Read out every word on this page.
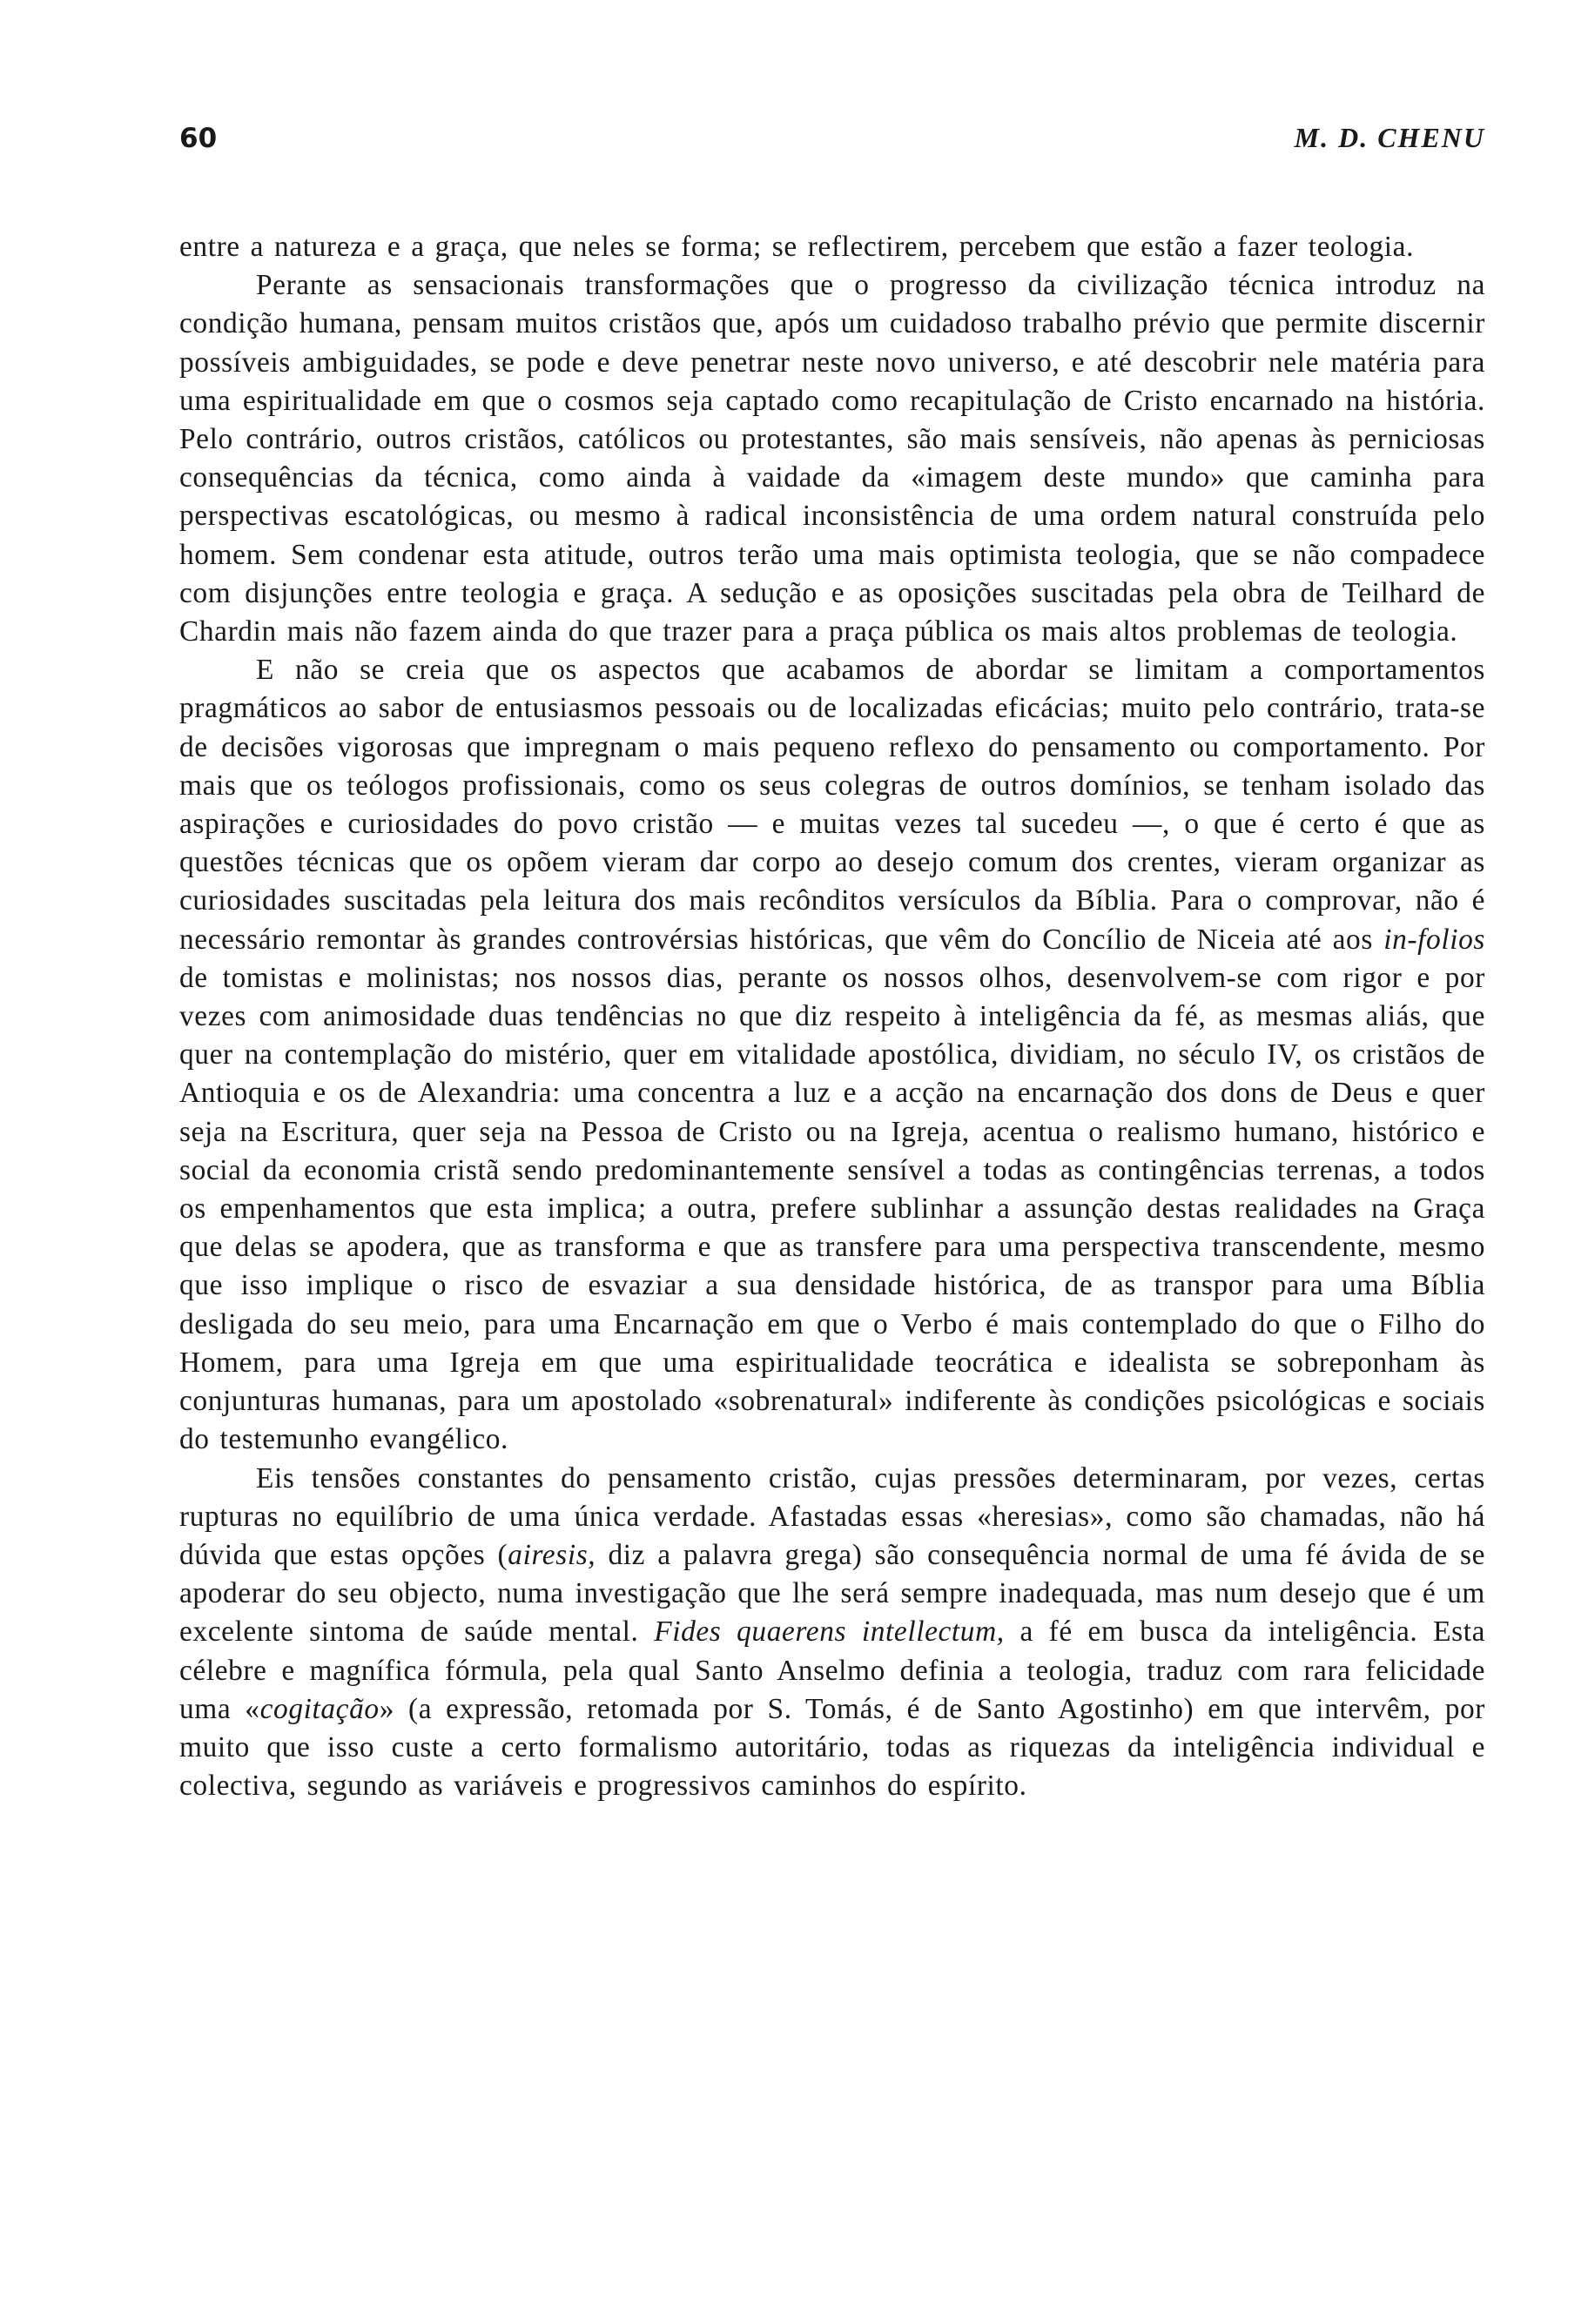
60	M. D. CHENU

entre a natureza e a graça, que neles se forma; se reflectirem, percebem que estão a fazer teologia.

Perante as sensacionais transformações que o progresso da civilização técnica introduz na condição humana, pensam muitos cristãos que, após um cuidadoso trabalho prévio que permite discernir possíveis ambiguidades, se pode e deve penetrar neste novo universo, e até descobrir nele matéria para uma espiritualidade em que o cosmos seja captado como recapitulação de Cristo encarnado na história. Pelo contrário, outros cristãos, católicos ou protestantes, são mais sensíveis, não apenas às perniciosas consequências da técnica, como ainda à vaidade da «imagem deste mundo» que caminha para perspectivas escatológicas, ou mesmo à radical inconsistência de uma ordem natural construída pelo homem. Sem condenar esta atitude, outros terão uma mais optimista teologia, que se não compadece com disjunções entre teologia e graça. A sedução e as oposições suscitadas pela obra de Teilhard de Chardin mais não fazem ainda do que trazer para a praça pública os mais altos problemas de teologia.

E não se creia que os aspectos que acabamos de abordar se limitam a comportamentos pragmáticos ao sabor de entusiasmos pessoais ou de localizadas eficácias; muito pelo contrário, trata-se de decisões vigorosas que impregnam o mais pequeno reflexo do pensamento ou comportamento. Por mais que os teólogos profissionais, como os seus colegras de outros domínios, se tenham isolado das aspirações e curiosidades do povo cristão — e muitas vezes tal sucedeu —, o que é certo é que as questões técnicas que os opõem vieram dar corpo ao desejo comum dos crentes, vieram organizar as curiosidades suscitadas pela leitura dos mais recônditos versículos da Bíblia. Para o comprovar, não é necessário remontar às grandes controvérsias históricas, que vêm do Concílio de Niceia até aos in-folios de tomistas e molinistas; nos nossos dias, perante os nossos olhos, desenvolvem-se com rigor e por vezes com animosidade duas tendências no que diz respeito à inteligência da fé, as mesmas aliás, que quer na contemplação do mistério, quer em vitalidade apostólica, dividiam, no século IV, os cristãos de Antioquia e os de Alexandria: uma concentra a luz e a acção na encarnação dos dons de Deus e quer seja na Escritura, quer seja na Pessoa de Cristo ou na Igreja, acentua o realismo humano, histórico e social da economia cristã sendo predominantemente sensível a todas as contingências terrenas, a todos os empenhamentos que esta implica; a outra, prefere sublinhar a assunção destas realidades na Graça que delas se apodera, que as transforma e que as transfere para uma perspectiva transcendente, mesmo que isso implique o risco de esvaziar a sua densidade histórica, de as transpor para uma Bíblia desligada do seu meio, para uma Encarnação em que o Verbo é mais contemplado do que o Filho do Homem, para uma Igreja em que uma espiritualidade teocrática e idealista se sobreponham às conjunturas humanas, para um apostolado «sobrenatural» indiferente às condições psicológicas e sociais do testemunho evangélico.

Eis tensões constantes do pensamento cristão, cujas pressões determinaram, por vezes, certas rupturas no equilíbrio de uma única verdade. Afastadas essas «heresias», como são chamadas, não há dúvida que estas opções (airesis, diz a palavra grega) são consequência normal de uma fé ávida de se apoderar do seu objecto, numa investigação que lhe será sempre inadequada, mas num desejo que é um excelente sintoma de saúde mental. Fides quaerens intellectum, a fé em busca da inteligência. Esta célebre e magnífica fórmula, pela qual Santo Anselmo definia a teologia, traduz com rara felicidade uma «cogitação» (a expressão, retomada por S. Tomás, é de Santo Agostinho) em que intervêm, por muito que isso custe a certo formalismo autoritário, todas as riquezas da inteligência individual e colectiva, segundo as variáveis e progressivos caminhos do espírito.
